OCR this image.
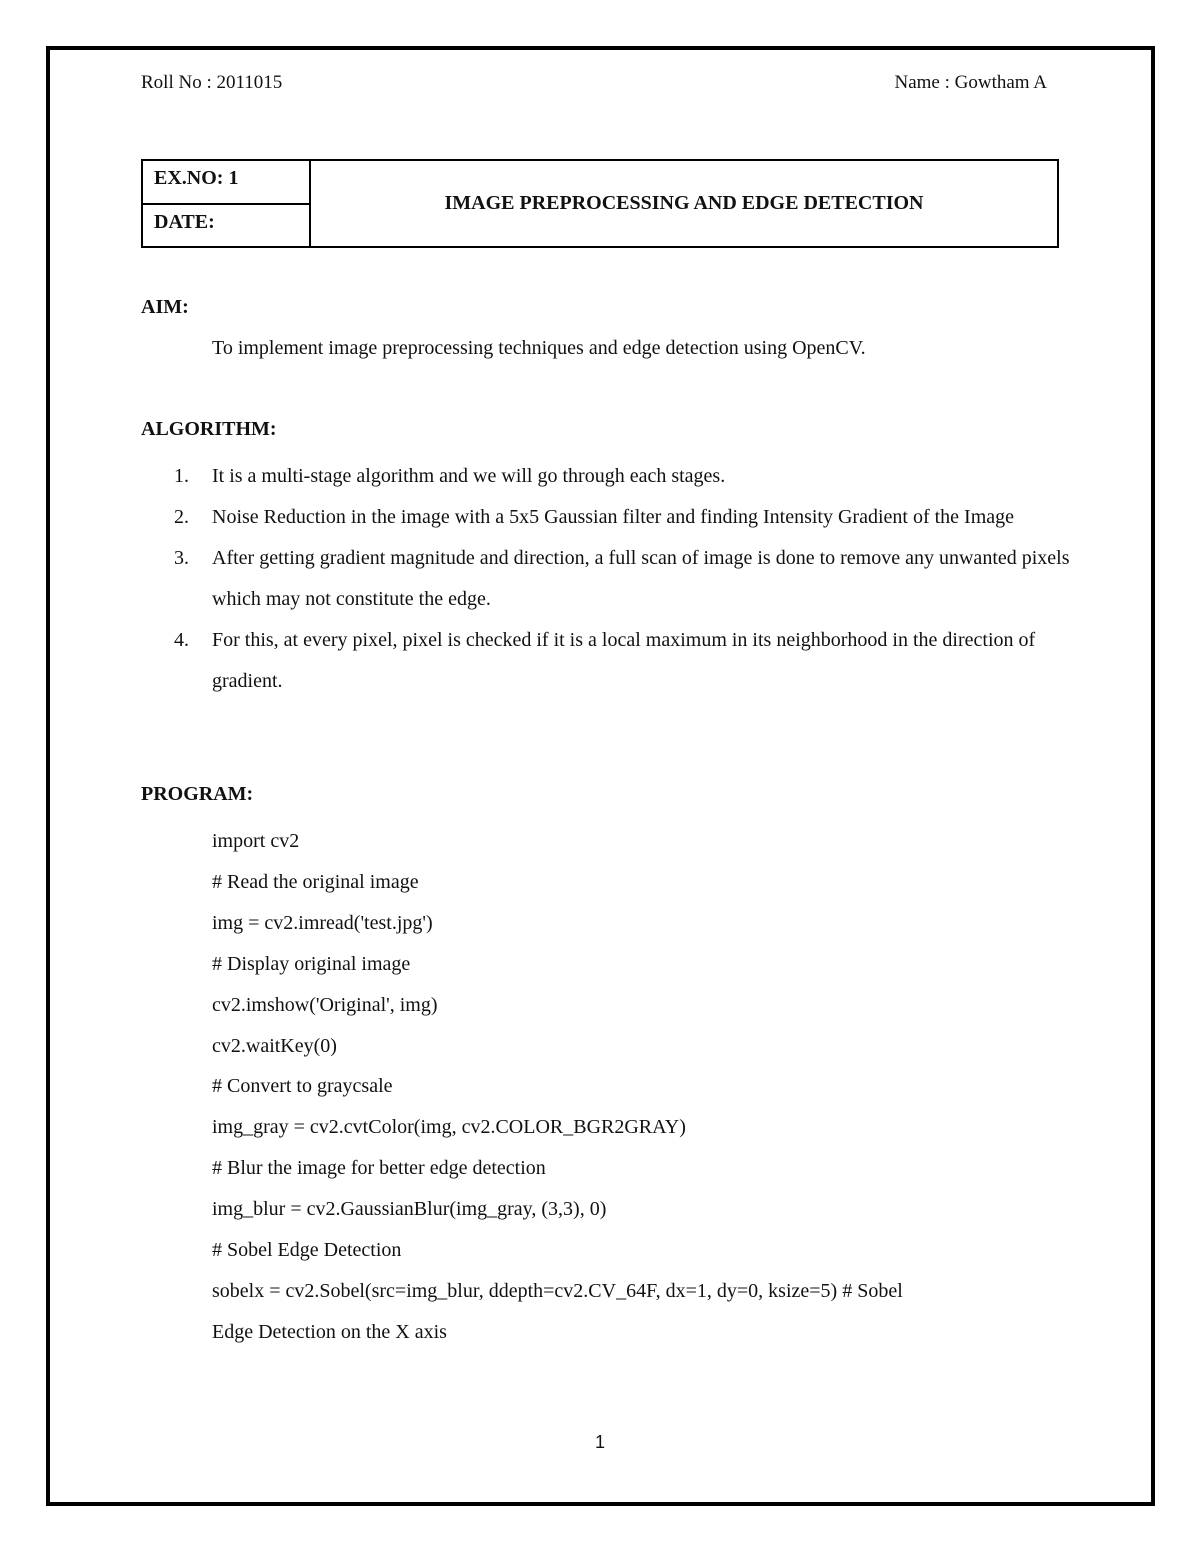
Roll No : 2011015	Name : Gowtham A
EX.NO: 1
DATE:
IMAGE PREPROCESSING AND EDGE DETECTION
AIM:
To implement image preprocessing techniques and edge detection using OpenCV.
ALGORITHM:
1. It is a multi-stage algorithm and we will go through each stages.
2. Noise Reduction in the image with a 5x5 Gaussian filter and finding Intensity Gradient of the Image
3. After getting gradient magnitude and direction, a full scan of image is done to remove any unwanted pixels which may not constitute the edge.
4. For this, at every pixel, pixel is checked if it is a local maximum in its neighborhood in the direction of gradient.
PROGRAM:
import cv2
# Read the original image
img = cv2.imread('test.jpg')
# Display original image
cv2.imshow('Original', img)
cv2.waitKey(0)
# Convert to graycsale
img_gray = cv2.cvtColor(img, cv2.COLOR_BGR2GRAY)
# Blur the image for better edge detection
img_blur = cv2.GaussianBlur(img_gray, (3,3), 0)
# Sobel Edge Detection
sobelx = cv2.Sobel(src=img_blur, ddepth=cv2.CV_64F, dx=1, dy=0, ksize=5) # Sobel
Edge Detection on the X axis
1
